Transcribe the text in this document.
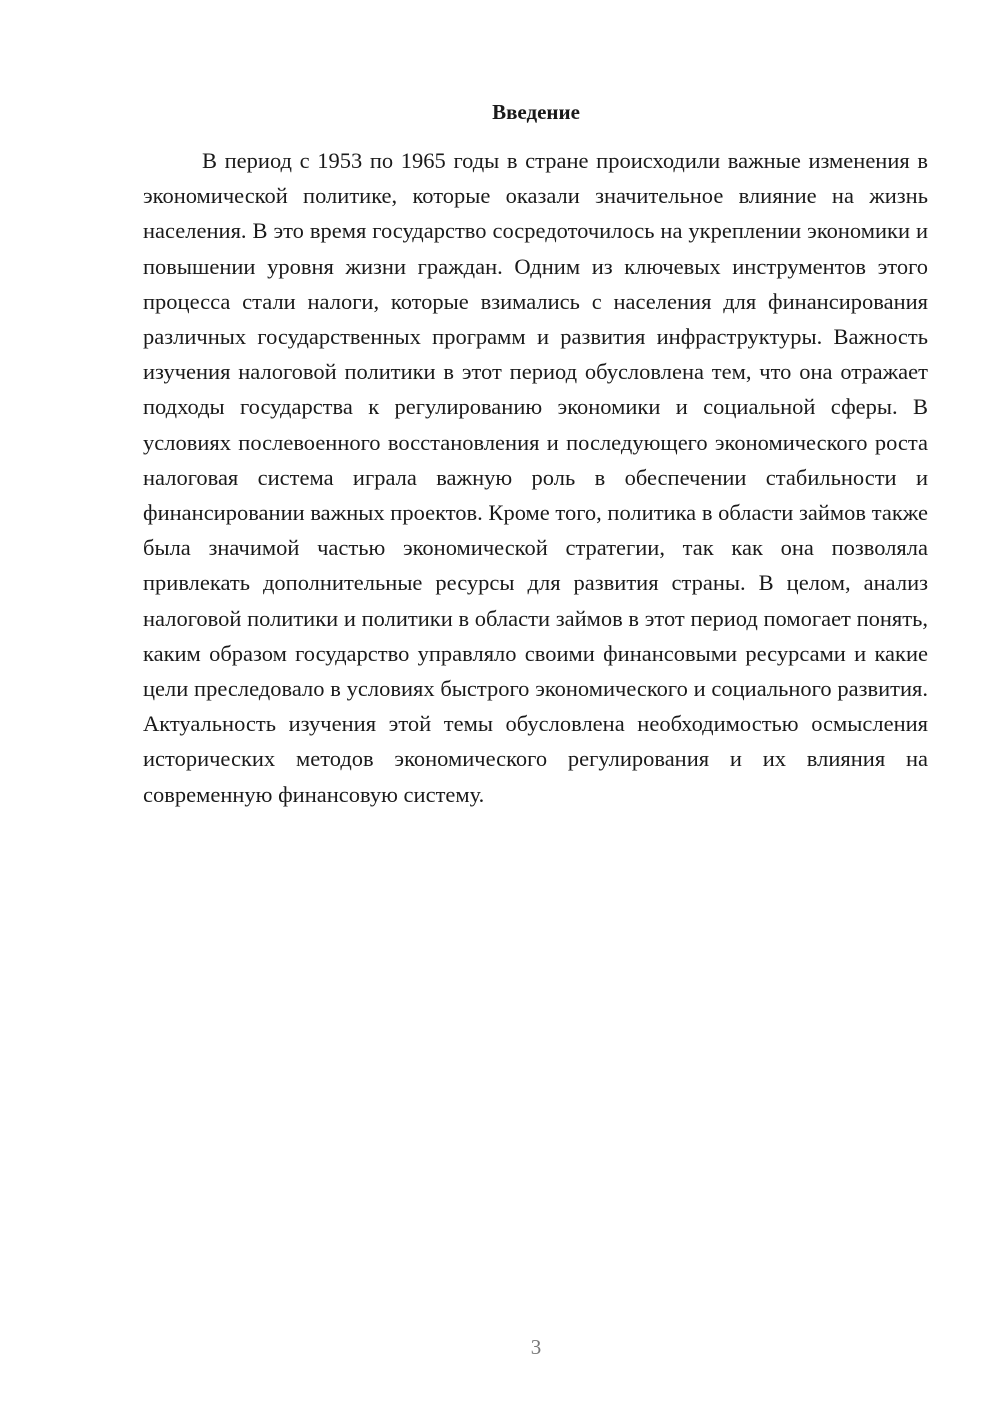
Введение

В период с 1953 по 1965 годы в стране происходили важные изменения в экономической политике, которые оказали значительное влияние на жизнь населения. В это время государство сосредоточилось на укреплении экономики и повышении уровня жизни граждан. Одним из ключевых инструментов этого процесса стали налоги, которые взимались с населения для финансирования различных государственных программ и развития инфраструктуры. Важность изучения налоговой политики в этот период обусловлена тем, что она отражает подходы государства к регулированию экономики и социальной сферы. В условиях послевоенного восстановления и последующего экономического роста налоговая система играла важную роль в обеспечении стабильности и финансировании важных проектов. Кроме того, политика в области займов также была значимой частью экономической стратегии, так как она позволяла привлекать дополнительные ресурсы для развития страны. В целом, анализ налоговой политики и политики в области займов в этот период помогает понять, каким образом государство управляло своими финансовыми ресурсами и какие цели преследовало в условиях быстрого экономического и социального развития. Актуальность изучения этой темы обусловлена необходимостью осмысления исторических методов экономического регулирования и их влияния на современную финансовую систему.

3
